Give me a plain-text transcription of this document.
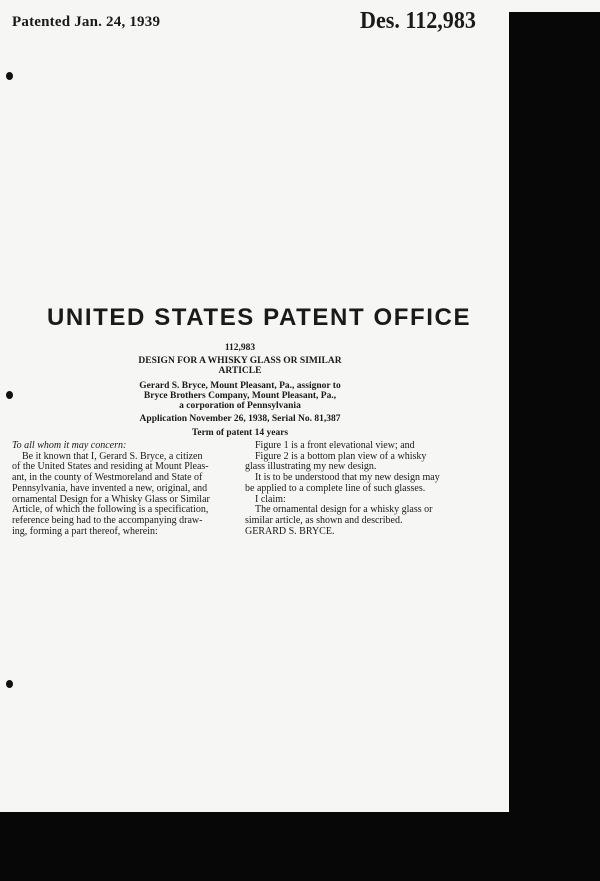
Patented Jan. 24, 1939	Des. 112,983
UNITED STATES PATENT OFFICE
112,983
DESIGN FOR A WHISKY GLASS OR SIMILAR
ARTICLE
Gerard S. Bryce, Mount Pleasant, Pa., assignor to
Bryce Brothers Company, Mount Pleasant, Pa.,
a corporation of Pennsylvania
Application November 26, 1938, Serial No. 81,387
Term of patent 14 years

To all whom it may concern:

Be it known that I, Gerard S. Bryce, a citizen

of the United States and residing at Mount Pleas-

ant, in the county of Westmoreland and State of

Pennsylvania, have invented a new, original, and

ornamental Design for a Whisky Glass or Similar

Article, of which the following is a specification,

reference being had to the accompanying draw-

ing, forming a part thereof, wherein:

Figure 1 is a front elevational view; and

Figure 2 is a bottom plan view of a whisky

glass illustrating my new design.

It is to be understood that my new design may

be applied to a complete line of such glasses.

I claim:

The ornamental design for a whisky glass or

similar article, as shown and described.

GERARD S. BRYCE.
